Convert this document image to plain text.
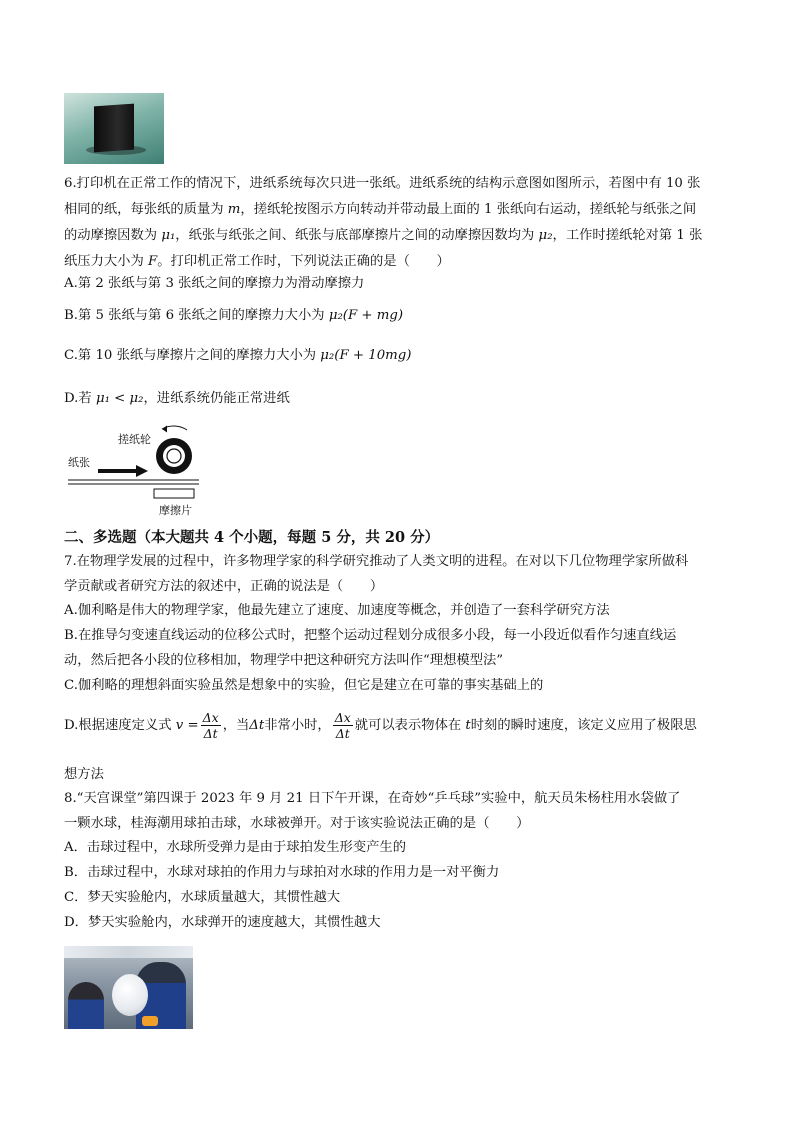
6.打印机在正常工作的情况下，进纸系统每次只进一张纸。进纸系统的结构示意图如图所示，若图中有 10 张
相同的纸，每张纸的质量为 m，搓纸轮按图示方向转动并带动最上面的 1 张纸向右运动，搓纸轮与纸张之间
的动摩擦因数为 μ₁，纸张与纸张之间、纸张与底部摩擦片之间的动摩擦因数均为 μ₂，工作时搓纸轮对第 1 张
纸压力大小为 F。打印机正常工作时，下列说法正确的是（　　）
A.第 2 张纸与第 3 张纸之间的摩擦力为滑动摩擦力
B.第 5 张纸与第 6 张纸之间的摩擦力大小为 μ₂(F + mg)
C.第 10 张纸与摩擦片之间的摩擦力大小为 μ₂(F + 10mg)
D.若 μ₁ < μ₂，进纸系统仍能正常进纸
搓纸轮
纸张
摩擦片
二、多选题（本大题共 4 个小题，每题 5 分，共 20 分）
7.在物理学发展的过程中，许多物理学家的科学研究推动了人类文明的进程。在对以下几位物理学家所做科
学贡献或者研究方法的叙述中，正确的说法是（　　）
A.伽利略是伟大的物理学家，他最先建立了速度、加速度等概念，并创造了一套科学研究方法
B.在推导匀变速直线运动的位移公式时，把整个运动过程划分成很多小段，每一小段近似看作匀速直线运
动，然后把各小段的位移相加，物理学中把这种研究方法叫作“理想模型法”
C.伽利略的理想斜面实验虽然是想象中的实验，但它是建立在可靠的事实基础上的
D.根据速度定义式 $v = \frac{\Delta x}{\Delta t}$ ，当Δt非常小时， $\frac{\Delta x}{\Delta t}$ 就可以表示物体在 t时刻的瞬时速度，该定义应用了极限思
想方法
8.“天宫课堂”第四课于 2023 年 9 月 21 日下午开课，在奇妙“乒乓球”实验中，航天员朱杨柱用水袋做了
一颗水球，桂海潮用球拍击球，水球被弹开。对于该实验说法正确的是（　　）
A．击球过程中，水球所受弹力是由于球拍发生形变产生的
B．击球过程中，水球对球拍的作用力与球拍对水球的作用力是一对平衡力
C．梦天实验舱内，水球质量越大，其惯性越大
D．梦天实验舱内，水球弹开的速度越大，其惯性越大
